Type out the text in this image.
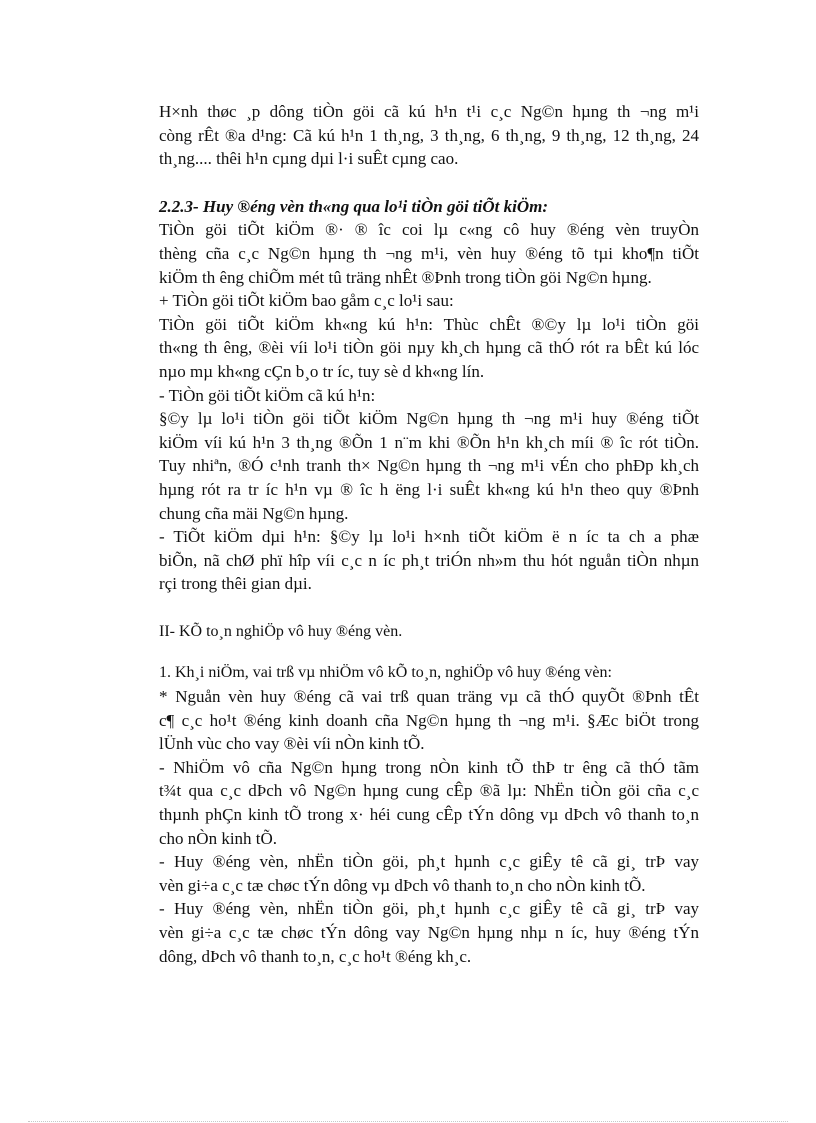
H×nh thøc ¸p dông tiÒn göi cã kú h¹n t¹i c¸c Ng©n hµng th ¬ng m¹i
còng rÊt ®a d¹ng: Cã kú h¹n 1 th¸ng, 3 th¸ng, 6 th¸ng, 9 th¸ng, 12 th¸ng, 24
th¸ng.... thêi h¹n cµng dµi l·i suÊt cµng cao.

2.2.3- Huy ®éng vèn th«ng qua lo¹i tiÒn göi tiÕt kiÖm:

TiÒn göi tiÕt kiÖm ®· ® îc coi lµ c«ng cô huy ®éng vèn truyÒn
thèng cña c¸c Ng©n hµng th ¬ng m¹i, vèn huy ®éng tõ tµi kho¶n tiÕt
kiÖm th êng chiÕm mét tû träng nhÊt ®Þnh trong tiÒn göi Ng©n hµng.

+ TiÒn göi tiÕt kiÖm bao gåm c¸c lo¹i sau:

TiÒn göi tiÕt kiÖm kh«ng kú h¹n: Thùc chÊt ®©y lµ lo¹i tiÒn göi
th«ng th êng, ®èi víi lo¹i tiÒn göi nµy kh¸ch hµng cã thÓ rót ra bÊt kú lóc
nµo mµ kh«ng cÇn b¸o tr íc, tuy sè d kh«ng lín.

- TiÒn göi tiÕt kiÖm cã kú h¹n:

§©y lµ lo¹i tiÒn göi tiÕt kiÖm Ng©n hµng th ¬ng m¹i huy ®éng tiÕt
kiÖm víi kú h¹n 3 th¸ng ®Õn 1 n¨m khi ®Õn h¹n kh¸ch míi ® îc rót tiÒn.
Tuy nhiªn, ®Ó c¹nh tranh th× Ng©n hµng th ¬ng m¹i vÉn cho phÐp kh¸ch
hµng rót ra tr íc h¹n vµ ® îc h ëng l·i suÊt kh«ng kú h¹n theo quy ®Þnh
chung cña mäi Ng©n hµng.

- TiÕt kiÖm dµi h¹n: §©y lµ lo¹i h×nh tiÕt kiÖm ë n íc ta ch a phæ
biÕn, nã chØ phï hîp víi c¸c n íc ph¸t triÓn nh»m thu hót nguån tiÒn nhµn
rçi trong thêi gian dµi.

II- KÕ to¸n nghiÖp vô huy ®éng vèn.

1. Kh¸i niÖm, vai trß vµ nhiÖm vô kÕ to¸n, nghiÖp vô huy ®éng vèn:

* Nguån vèn huy ®éng cã vai trß quan träng vµ cã thÓ quyÕt ®Þnh tÊt
c¶ c¸c ho¹t ®éng kinh doanh cña Ng©n hµng th ¬ng m¹i. §Æc biÖt trong
lÜnh vùc cho vay ®èi víi nÒn kinh tÕ.

- NhiÖm vô cña Ng©n hµng trong nÒn kinh tÕ thÞ tr êng cã thÓ tãm
t¾t qua c¸c dÞch vô Ng©n hµng cung cÊp ®ã lµ: NhËn tiÒn göi cña c¸c
thµnh phÇn kinh tÕ trong x· héi cung cÊp tÝn dông vµ dÞch vô thanh to¸n
cho nÒn kinh tÕ.

- Huy ®éng vèn, nhËn tiÒn göi, ph¸t hµnh c¸c giÊy tê cã gi¸ trÞ vay
vèn gi÷a c¸c tæ chøc tÝn dông vµ dÞch vô thanh to¸n cho nÒn kinh tÕ.

- Huy ®éng vèn, nhËn tiÒn göi, ph¸t hµnh c¸c giÊy tê cã gi¸ trÞ vay
vèn gi÷a c¸c tæ chøc tÝn dông vay Ng©n hµng nhµ n íc, huy ®éng tÝn
dông, dÞch vô thanh to¸n, c¸c ho¹t ®éng kh¸c.
